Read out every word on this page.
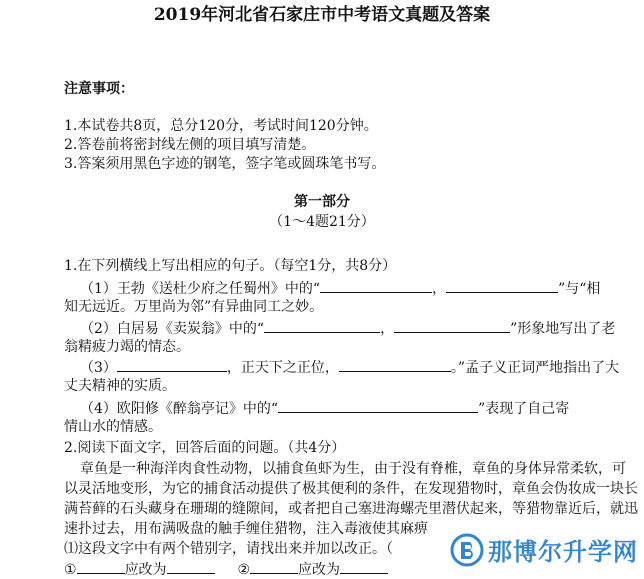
2019年河北省石家庄市中考语文真题及答案
注意事项：
1.本试卷共8页，总分120分，考试时间120分钟。
2.答卷前将密封线左侧的项目填写清楚。
3.答案须用黑色字迹的钢笔，签字笔或圆珠笔书写。
第一部分
（1～4题21分）
1.在下列横线上写出相应的句子。（每空1分，共8分）
（1）王勃《送杜少府之任蜀州》中的“	，	”与“相
知无远近。万里尚为邻”有异曲同工之妙。
（2）白居易《卖炭翁》中的“	，	”形象地写出了老
翁精疲力竭的情态。
（3）	，正天下之正位，	。”孟子义正词严地指出了大
丈夫精神的实质。
（4）欧阳修《醉翁亭记》中的“	”表现了自己寄
情山水的情感。
2.阅读下面文字，回答后面的问题。（共4分）
章鱼是一种海洋肉食性动物，以捕食鱼虾为生，由于没有脊椎，章鱼的身体异常柔软，可
以灵活地变形，为它的捕食活动提供了极其便利的条件，在发现猎物时，章鱼会伪妆成一块长
满苔藓的石头藏身在珊瑚的缝隙间，或者把自己塞进海螺壳里潜伏起来，等猎物靠近后，就迅
速扑过去，用布满吸盘的触手缠住猎物，注入毒液使其麻痹
⑴这段文字中有两个错别字，请找出来并加以改正。（
①	应改为	②	应改为
那博尔升学网
